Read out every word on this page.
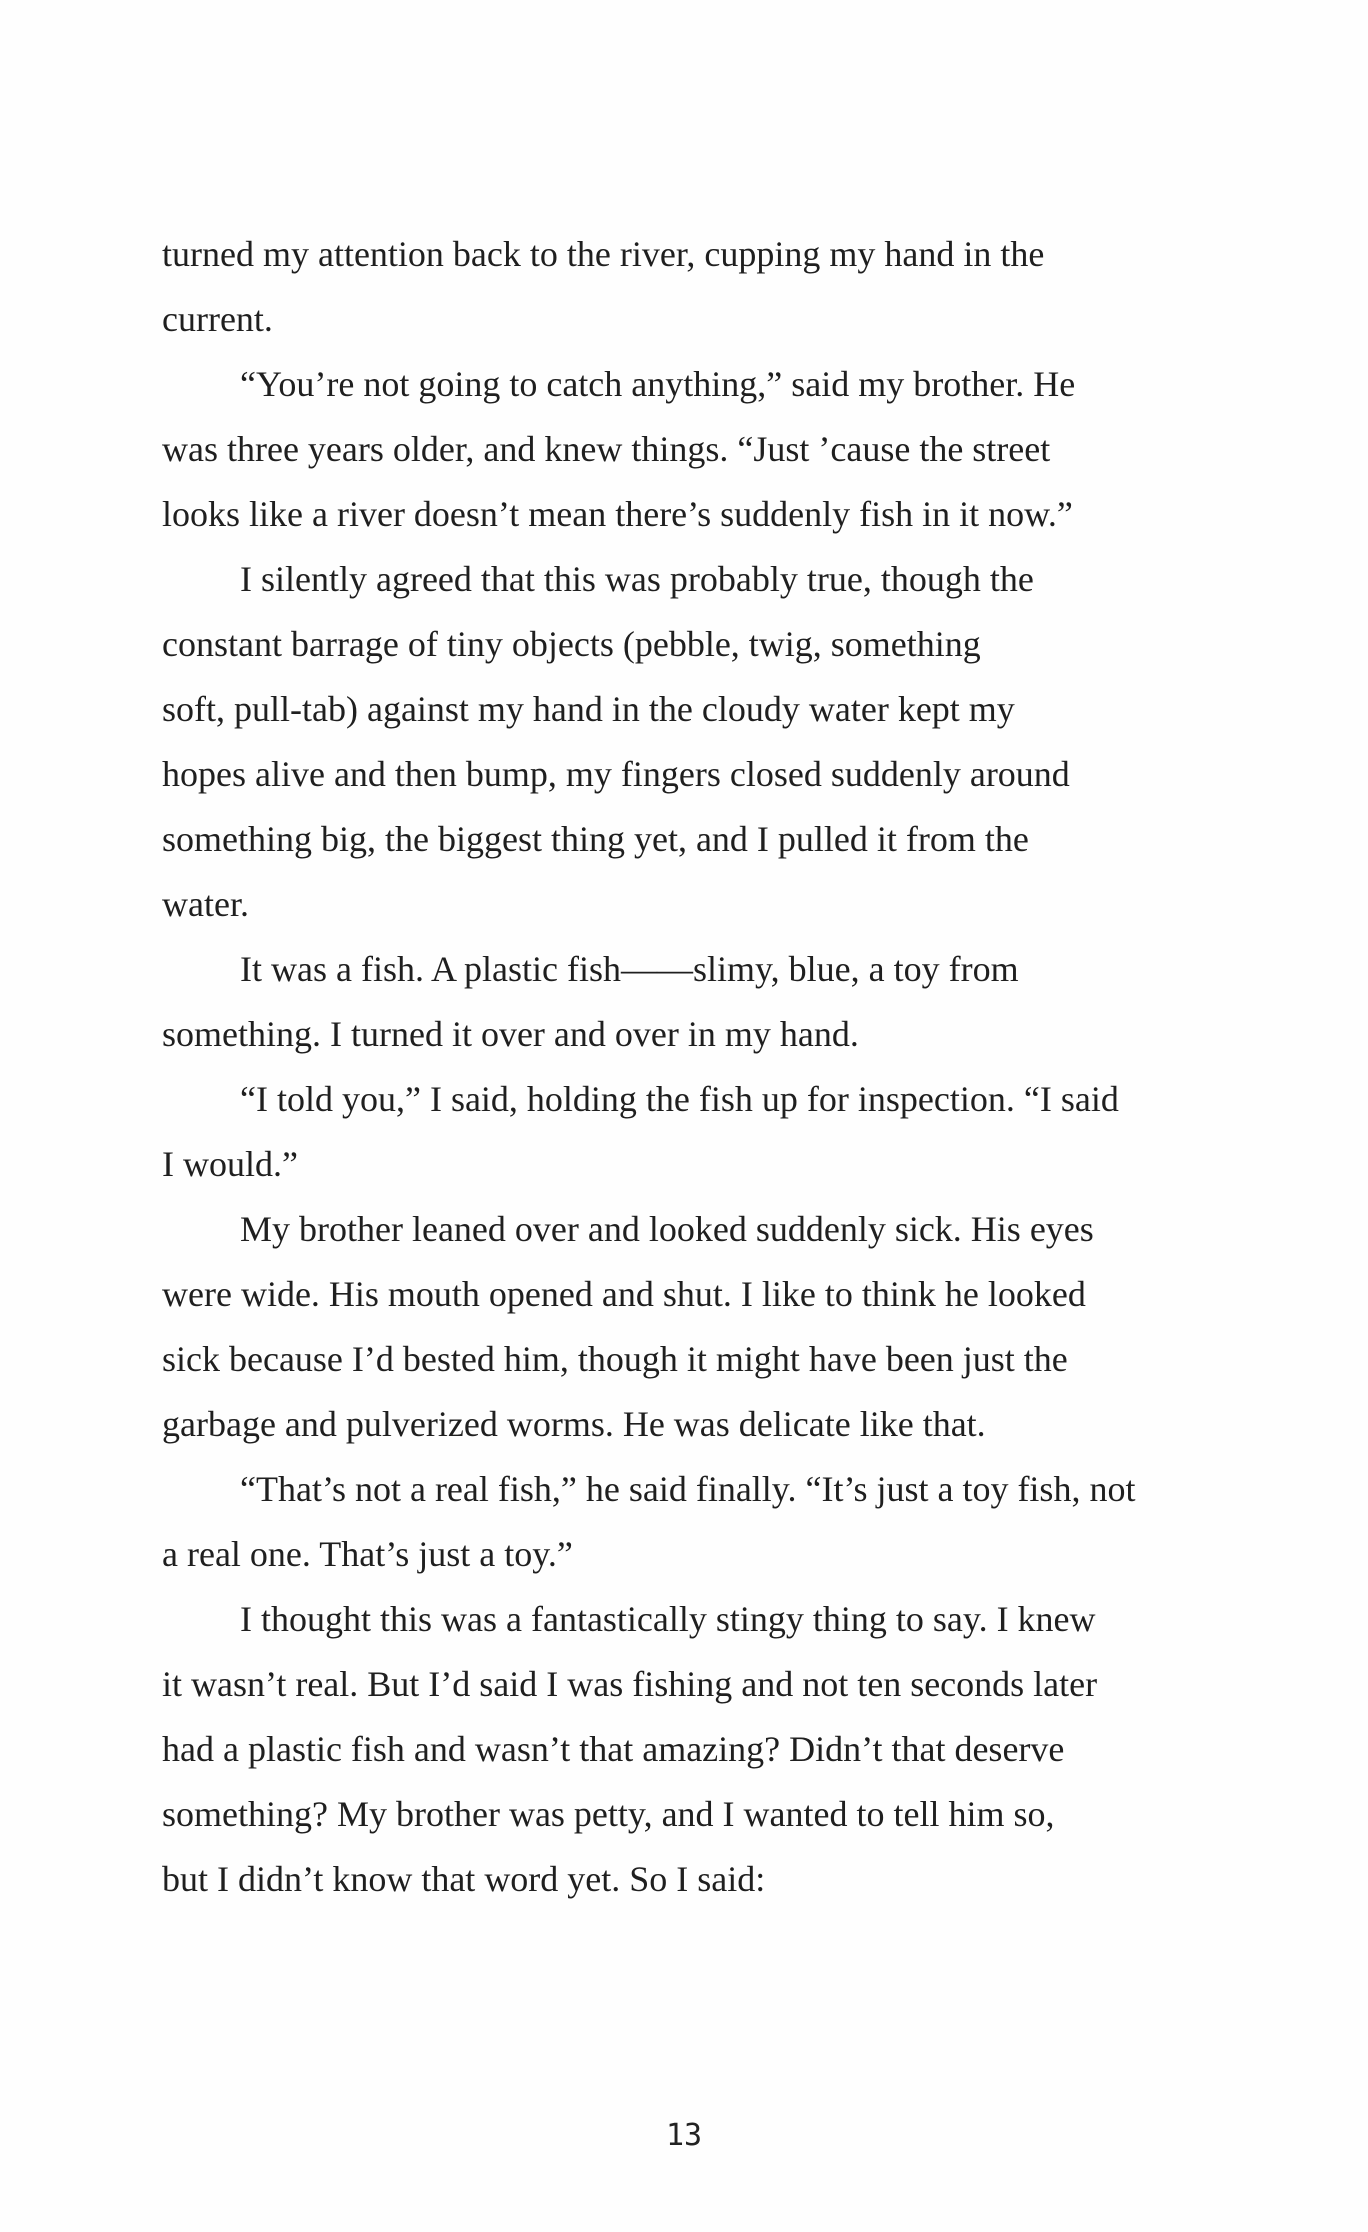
turned my attention back to the river, cupping my hand in the
current.
“You’re not going to catch anything,” said my brother. He
was three years older, and knew things. “Just ’cause the street
looks like a river doesn’t mean there’s suddenly fish in it now.”
I silently agreed that this was probably true, though the
constant barrage of tiny objects (pebble, twig, something
soft, pull-tab) against my hand in the cloudy water kept my
hopes alive and then bump, my fingers closed suddenly around
something big, the biggest thing yet, and I pulled it from the
water.
It was a fish. A plastic fish——slimy, blue, a toy from
something. I turned it over and over in my hand.
“I told you,” I said, holding the fish up for inspection. “I said
I would.”
My brother leaned over and looked suddenly sick. His eyes
were wide. His mouth opened and shut. I like to think he looked
sick because I’d bested him, though it might have been just the
garbage and pulverized worms. He was delicate like that.
“That’s not a real fish,” he said finally. “It’s just a toy fish, not
a real one. That’s just a toy.”
I thought this was a fantastically stingy thing to say. I knew
it wasn’t real. But I’d said I was fishing and not ten seconds later
had a plastic fish and wasn’t that amazing? Didn’t that deserve
something? My brother was petty, and I wanted to tell him so,
but I didn’t know that word yet. So I said:
13
